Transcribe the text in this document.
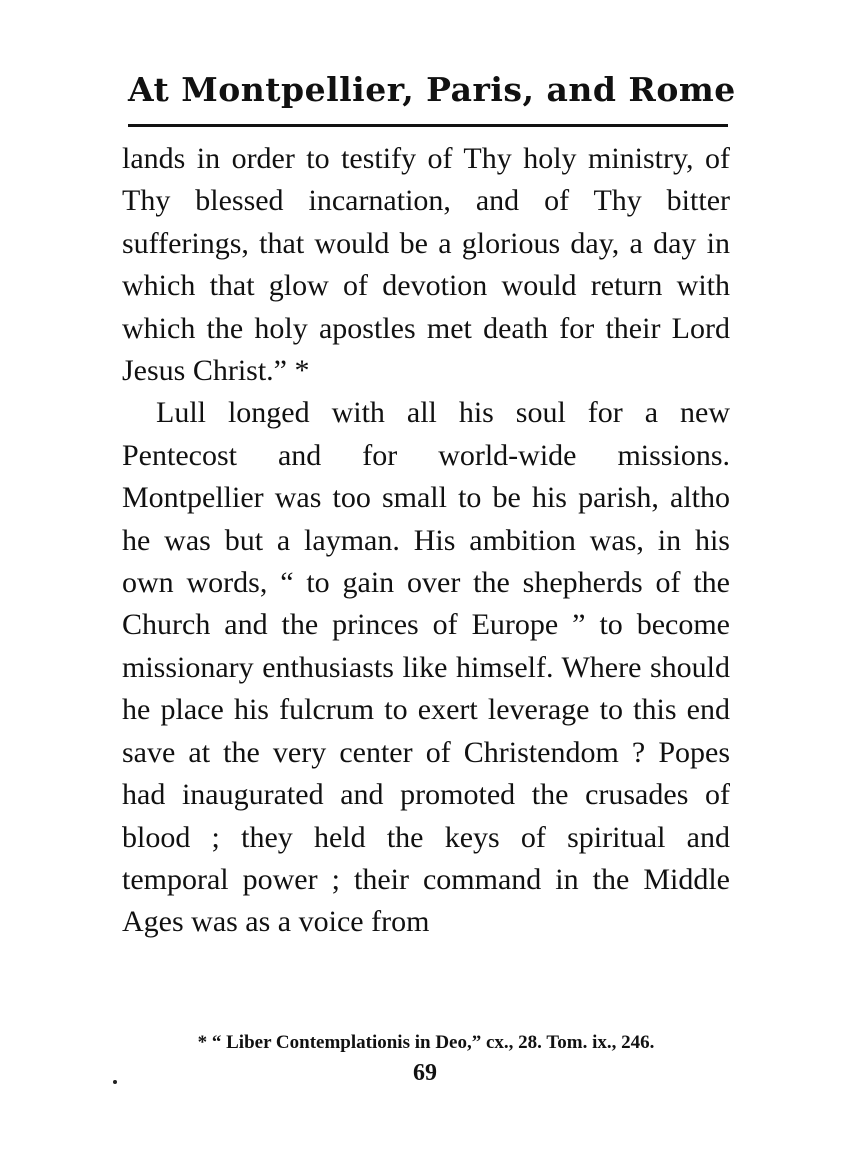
At Montpellier, Paris, and Rome

lands in order to testify of Thy holy ministry, of Thy blessed incarnation, and of Thy bitter sufferings, that would be a glorious day, a day in which that glow of devotion would return with which the holy apostles met death for their Lord Jesus Christ.” *

Lull longed with all his soul for a new Pentecost and for world-wide missions. Montpellier was too small to be his parish, altho he was but a layman. His ambition was, in his own words, “ to gain over the shepherds of the Church and the princes of Europe ” to become missionary enthusiasts like himself. Where should he place his fulcrum to exert leverage to this end save at the very center of Christendom ? Popes had inaugurated and promoted the crusades of blood ; they held the keys of spiritual and temporal power ; their command in the Middle Ages was as a voice from

* “ Liber Contemplationis in Deo,” cx., 28. Tom. ix., 246.
69
